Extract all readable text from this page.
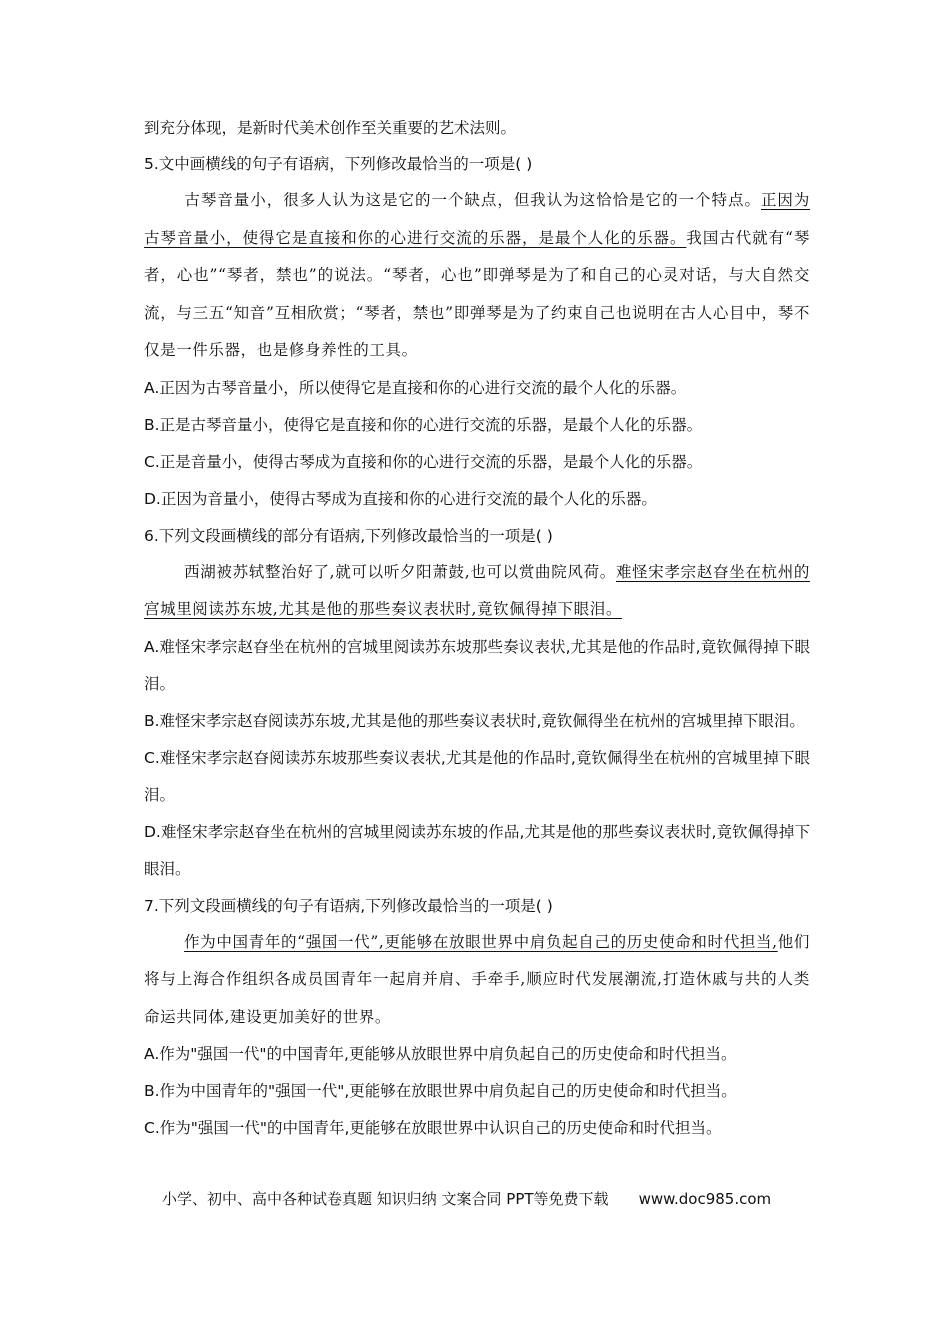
到充分体现，是新时代美术创作至关重要的艺术法则。
5.文中画横线的句子有语病，下列修改最恰当的一项是( )
古琴音量小，很多人认为这是它的一个缺点，但我认为这恰恰是它的一个特点。正因为古琴音量小，使得它是直接和你的心进行交流的乐器，是最个人化的乐器。我国古代就有“琴者，心也”“琴者，禁也”的说法。“琴者，心也”即弹琴是为了和自己的心灵对话，与大自然交流，与三五“知音”互相欣赏；“琴者，禁也”即弹琴是为了约束自己也说明在古人心目中，琴不仅是一件乐器，也是修身养性的工具。
A.正因为古琴音量小，所以使得它是直接和你的心进行交流的最个人化的乐器。
B.正是古琴音量小，使得它是直接和你的心进行交流的乐器，是最个人化的乐器。
C.正是音量小，使得古琴成为直接和你的心进行交流的乐器，是最个人化的乐器。
D.正因为音量小，使得古琴成为直接和你的心进行交流的最个人化的乐器。
6.下列文段画横线的部分有语病,下列修改最恰当的一项是( )
西湖被苏轼整治好了,就可以听夕阳萧鼓,也可以赏曲院风荷。难怪宋孝宗赵昚坐在杭州的宫城里阅读苏东坡,尤其是他的那些奏议表状时,竟钦佩得掉下眼泪。
A.难怪宋孝宗赵昚坐在杭州的宫城里阅读苏东坡那些奏议表状,尤其是他的作品时,竟钦佩得掉下眼泪。
B.难怪宋孝宗赵昚阅读苏东坡,尤其是他的那些奏议表状时,竟钦佩得坐在杭州的宫城里掉下眼泪。
C.难怪宋孝宗赵昚阅读苏东坡那些奏议表状,尤其是他的作品时,竟钦佩得坐在杭州的宫城里掉下眼泪。
D.难怪宋孝宗赵昚坐在杭州的宫城里阅读苏东坡的作品,尤其是他的那些奏议表状时,竟钦佩得掉下眼泪。
7.下列文段画横线的句子有语病,下列修改最恰当的一项是( )
作为中国青年的“强国一代”,更能够在放眼世界中肩负起自己的历史使命和时代担当,他们将与上海合作组织各成员国青年一起肩并肩、手牵手,顺应时代发展潮流,打造休戚与共的人类命运共同体,建设更加美好的世界。
A.作为"强国一代"的中国青年,更能够从放眼世界中肩负起自己的历史使命和时代担当。
B.作为中国青年的"强国一代",更能够在放眼世界中肩负起自己的历史使命和时代担当。
C.作为"强国一代"的中国青年,更能够在放眼世界中认识自己的历史使命和时代担当。
小学、初中、高中各种试卷真题 知识归纳 文案合同 PPT等免费下载 www.doc985.com
